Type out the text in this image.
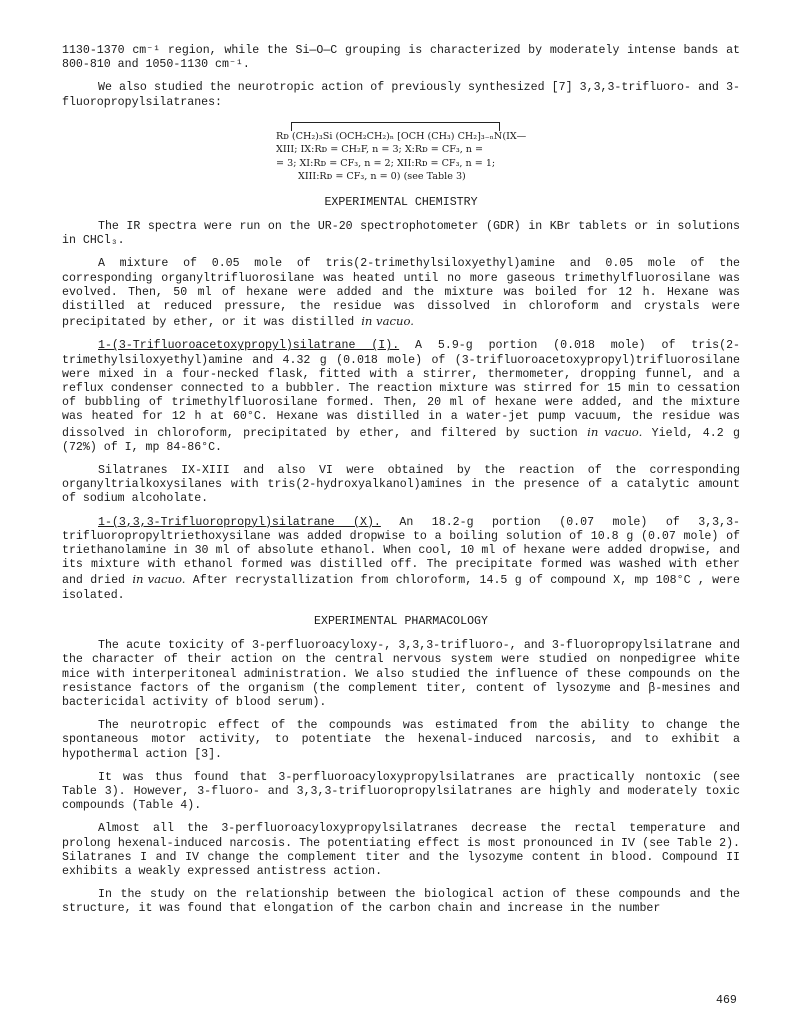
1130-1370 cm⁻¹ region, while the Si—O—C grouping is characterized by moderately intense bands at 800-810 and 1050-1130 cm⁻¹.

We also studied the neurotropic action of previously synthesized [7] 3,3,3-trifluoro- and 3-fluoropropylsilatranes:

Rᴅ (CH₂)₃Si (OCH₂CH₂)ₙ [OCH (CH₃) CH₂]₃₋ₙN(IX—
XIII; IX:Rᴅ = CH₂F, n = 3; X:Rᴅ = CF₃, n =
= 3; XI:Rᴅ = CF₃, n = 2; XII:Rᴅ = CF₃, n = 1;
XIII:Rᴅ = CF₃, n = 0) (see Table 3)
EXPERIMENTAL CHEMISTRY

The IR spectra were run on the UR-20 spectrophotometer (GDR) in KBr tablets or in solutions in CHCl₃.

A mixture of 0.05 mole of tris(2-trimethylsiloxyethyl)amine and 0.05 mole of the corresponding organyltrifluorosilane was heated until no more gaseous trimethylfluorosilane was evolved. Then, 50 ml of hexane were added and the mixture was boiled for 12 h. Hexane was distilled at reduced pressure, the residue was dissolved in chloroform and crystals were precipitated by ether, or it was distilled in vacuo.

1-(3-Trifluoroacetoxypropyl)silatrane (I). A 5.9-g portion (0.018 mole) of tris(2-trimethylsiloxyethyl)amine and 4.32 g (0.018 mole) of (3-trifluoroacetoxypropyl)trifluorosilane were mixed in a four-necked flask, fitted with a stirrer, thermometer, dropping funnel, and a reflux condenser connected to a bubbler. The reaction mixture was stirred for 15 min to cessation of bubbling of trimethylfluorosilane formed. Then, 20 ml of hexane were added, and the mixture was heated for 12 h at 60°C. Hexane was distilled in a water-jet pump vacuum, the residue was dissolved in chloroform, precipitated by ether, and filtered by suction in vacuo. Yield, 4.2 g (72%) of I, mp 84-86°C.

Silatranes IX-XIII and also VI were obtained by the reaction of the corresponding organyltrialkoxysilanes with tris(2-hydroxyalkanol)amines in the presence of a catalytic amount of sodium alcoholate.

1-(3,3,3-Trifluoropropyl)silatrane (X). An 18.2-g portion (0.07 mole) of 3,3,3-trifluoropropyltriethoxysilane was added dropwise to a boiling solution of 10.8 g (0.07 mole) of triethanolamine in 30 ml of absolute ethanol. When cool, 10 ml of hexane were added dropwise, and its mixture with ethanol formed was distilled off. The precipitate formed was washed with ether and dried in vacuo. After recrystallization from chloroform, 14.5 g of compound X, mp 108°C , were isolated.

EXPERIMENTAL PHARMACOLOGY

The acute toxicity of 3-perfluoroacyloxy-, 3,3,3-trifluoro-, and 3-fluoropropylsilatrane and the character of their action on the central nervous system were studied on nonpedigree white mice with interperitoneal administration. We also studied the influence of these compounds on the resistance factors of the organism (the complement titer, content of lysozyme and β-mesines and bactericidal activity of blood serum).

The neurotropic effect of the compounds was estimated from the ability to change the spontaneous motor activity, to potentiate the hexenal-induced narcosis, and to exhibit a hypothermal action [3].

It was thus found that 3-perfluoroacyloxypropylsilatranes are practically nontoxic (see Table 3). However, 3-fluoro- and 3,3,3-trifluoropropylsilatranes are highly and moderately toxic compounds (Table 4).

Almost all the 3-perfluoroacyloxypropylsilatranes decrease the rectal temperature and prolong hexenal-induced narcosis. The potentiating effect is most pronounced in IV (see Table 2). Silatranes I and IV change the complement titer and the lysozyme content in blood. Compound II exhibits a weakly expressed antistress action.

In the study on the relationship between the biological action of these compounds and the structure, it was found that elongation of the carbon chain and increase in the number

469
